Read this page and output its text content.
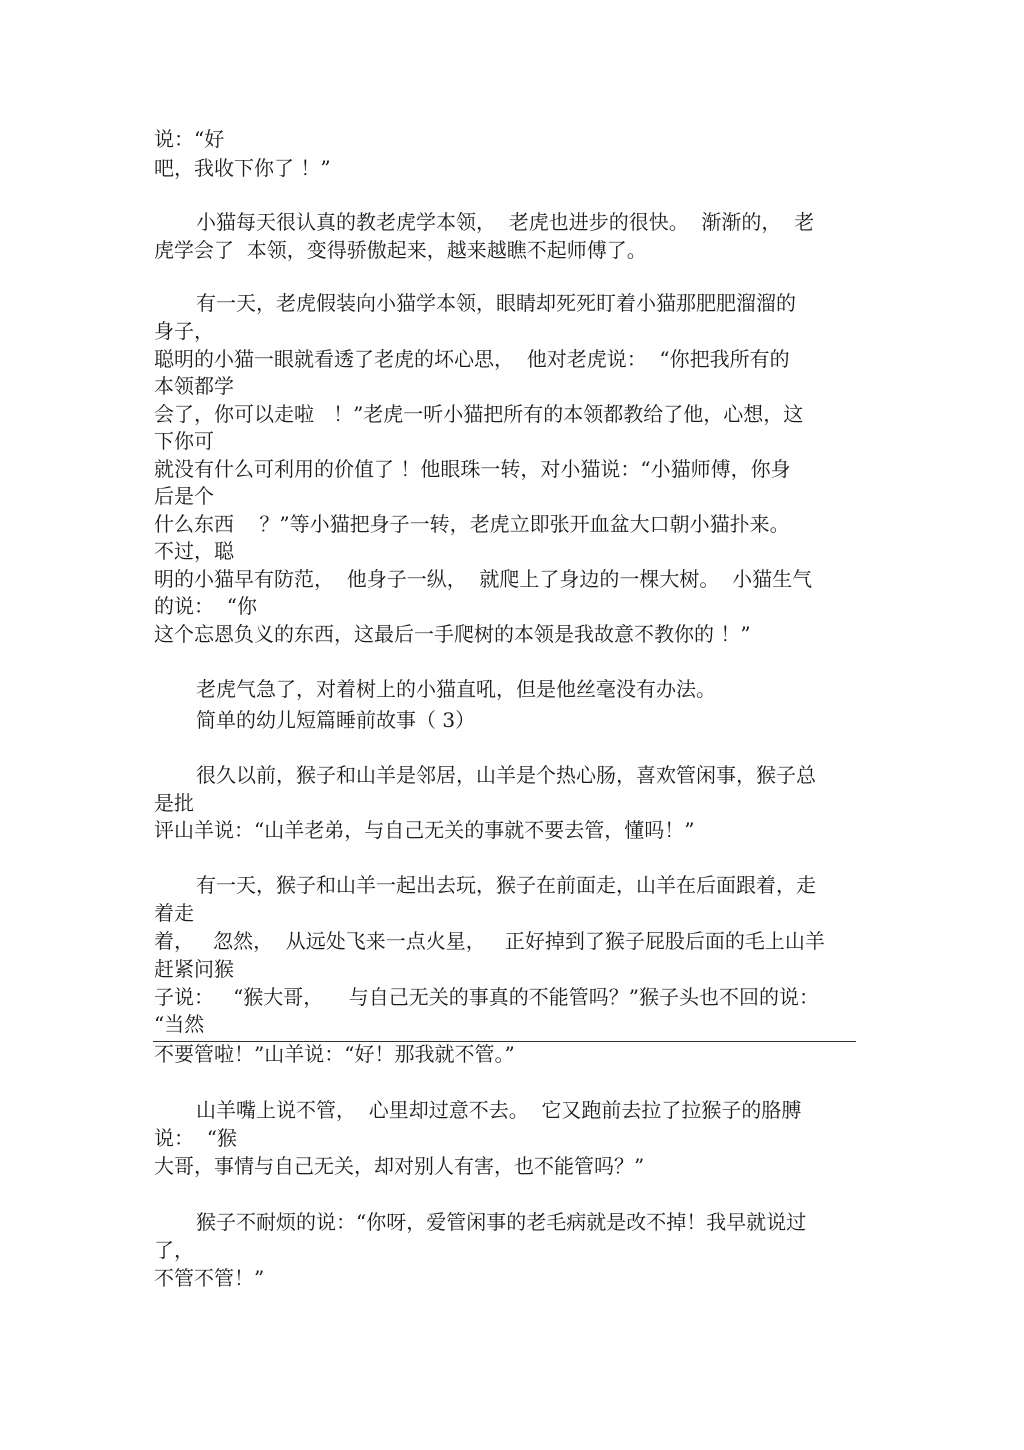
说：“好
吧，我收下你了 ！”
小猫每天很认真的教老虎学本领，  老虎也进步的很快。  渐渐的，  老
虎学会了  本领，变得骄傲起来，越来越瞧不起师傅了。
有一天，老虎假装向小猫学本领，眼睛却死死盯着小猫那肥肥溜溜的
身子，
聪明的小猫一眼就看透了老虎的坏心思，  他对老虎说：  “你把我所有的
本领都学
会了，你可以走啦   ！”老虎一听小猫把所有的本领都教给了他，心想，这
下你可
就没有什么可利用的价值了 ！他眼珠一转，对小猫说：“小猫师傅，你身
后是个
什么东西    ？”等小猫把身子一转，老虎立即张开血盆大口朝小猫扑来。
不过，聪
明的小猫早有防范，  他身子一纵，  就爬上了身边的一棵大树。  小猫生气
的说：  “你
这个忘恩负义的东西，这最后一手爬树的本领是我故意不教你的 ！”
老虎气急了，对着树上的小猫直吼，但是他丝毫没有办法。
简单的幼儿短篇睡前故事（ 3）
很久以前，猴子和山羊是邻居，山羊是个热心肠，喜欢管闲事，猴子总
是批
评山羊说：“山羊老弟，与自己无关的事就不要去管，懂吗！”
有一天，猴子和山羊一起出去玩，猴子在前面走，山羊在后面跟着，走
着走
着，   忽然，  从远处飞来一点火星，   正好掉到了猴子屁股后面的毛上山羊
赶紧问猴
子说：   “猴大哥，    与自己无关的事真的不能管吗？”猴子头也不回的说：
“当然
不要管啦！”山羊说：“好！那我就不管。”
山羊嘴上说不管，  心里却过意不去。  它又跑前去拉了拉猴子的胳膊
说：  “猴
大哥，事情与自己无关，却对别人有害，也不能管吗？”
猴子不耐烦的说：“你呀，爱管闲事的老毛病就是改不掉！我早就说过
了，
不管不管！”
